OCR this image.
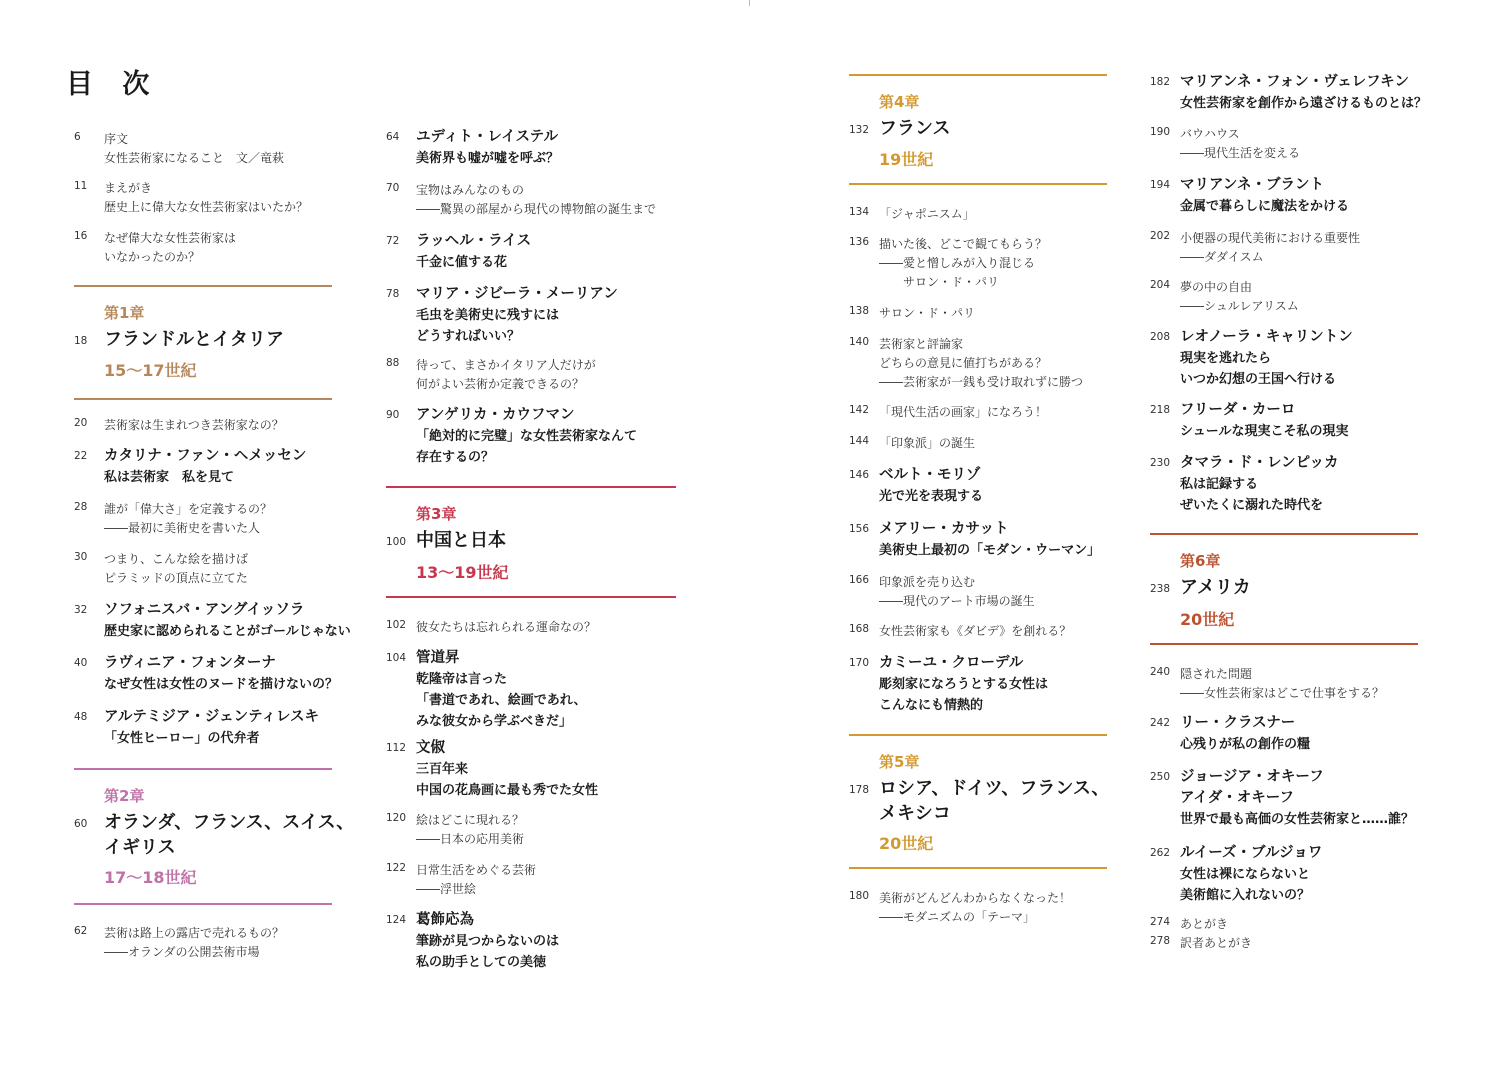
目 次
6 序文
女性芸術家になること　文／竜萩
11 まえがき
歴史上に偉大な女性芸術家はいたか？
16 なぜ偉大な女性芸術家は
いなかったのか？
第1章
18 フランドルとイタリア
15〜17世紀
20 芸術家は生まれつき芸術家なの？
22 カタリナ・ファン・ヘメッセン
私は芸術家　私を見て
28 誰が「偉大さ」を定義するの？
――最初に美術史を書いた人
30 つまり、こんな絵を描けば
ピラミッドの頂点に立てた
32 ソフォニスバ・アングイッソラ
歴史家に認められることがゴールじゃない
40 ラヴィニア・フォンターナ
なぜ女性は女性のヌードを描けないの？
48 アルテミジア・ジェンティレスキ
「女性ヒーロー」の代弁者
第2章
60 オランダ、フランス、スイス、
イギリス
17〜18世紀
62 芸術は路上の露店で売れるもの？
――オランダの公開芸術市場
64 ユディト・レイステル
美術界も嘘が嘘を呼ぶ？
70 宝物はみんなのもの
――驚異の部屋から現代の博物館の誕生まで
72 ラッヘル・ライス
千金に値する花
78 マリア・ジビーラ・メーリアン
毛虫を美術史に残すには
どうすればいい？
88 待って、まさかイタリア人だけが
何がよい芸術か定義できるの？
90 アンゲリカ・カウフマン
「絶対的に完璧」な女性芸術家なんて
存在するの？
第3章
100 中国と日本
13〜19世紀
102 彼女たちは忘れられる運命なの？
104 管道昇
乾隆帝は言った
「書道であれ、絵画であれ、
みな彼女から学ぶべきだ」
112 文俶
三百年来
中国の花鳥画に最も秀でた女性
120 絵はどこに現れる？
――日本の応用美術
122 日常生活をめぐる芸術
――浮世絵
124 葛飾応為
筆跡が見つからないのは
私の助手としての美徳
第4章
132 フランス
19世紀
134 「ジャポニスム」
136 描いた後、どこで観てもらう？
――愛と憎しみが入り混じる
　　サロン・ド・パリ
138 サロン・ド・パリ
140 芸術家と評論家
どちらの意見に値打ちがある？
――芸術家が一銭も受け取れずに勝つ
142 「現代生活の画家」になろう！
144 「印象派」の誕生
146 ベルト・モリゾ
光で光を表現する
156 メアリー・カサット
美術史上最初の「モダン・ウーマン」
166 印象派を売り込む
――現代のアート市場の誕生
168 女性芸術家も《ダビデ》を創れる？
170 カミーユ・クローデル
彫刻家になろうとする女性は
こんなにも情熱的
第5章
178 ロシア、ドイツ、フランス、
メキシコ
20世紀
180 美術がどんどんわからなくなった！
――モダニズムの「テーマ」
182 マリアンネ・フォン・ヴェレフキン
女性芸術家を創作から遠ざけるものとは？
190 バウハウス
――現代生活を変える
194 マリアンネ・ブラント
金属で暮らしに魔法をかける
202 小便器の現代美術における重要性
――ダダイスム
204 夢の中の自由
――シュルレアリスム
208 レオノーラ・キャリントン
現実を逃れたら
いつか幻想の王国へ行ける
218 フリーダ・カーロ
シュールな現実こそ私の現実
230 タマラ・ド・レンピッカ
私は記録する
ぜいたくに溺れた時代を
第6章
238 アメリカ
20世紀
240 隠された問題
――女性芸術家はどこで仕事をする？
242 リー・クラスナー
心残りが私の創作の糧
250 ジョージア・オキーフ
アイダ・オキーフ
世界で最も高価の女性芸術家と……誰？
262 ルイーズ・ブルジョワ
女性は裸にならないと
美術館に入れないの？
274 あとがき
278 訳者あとがき
